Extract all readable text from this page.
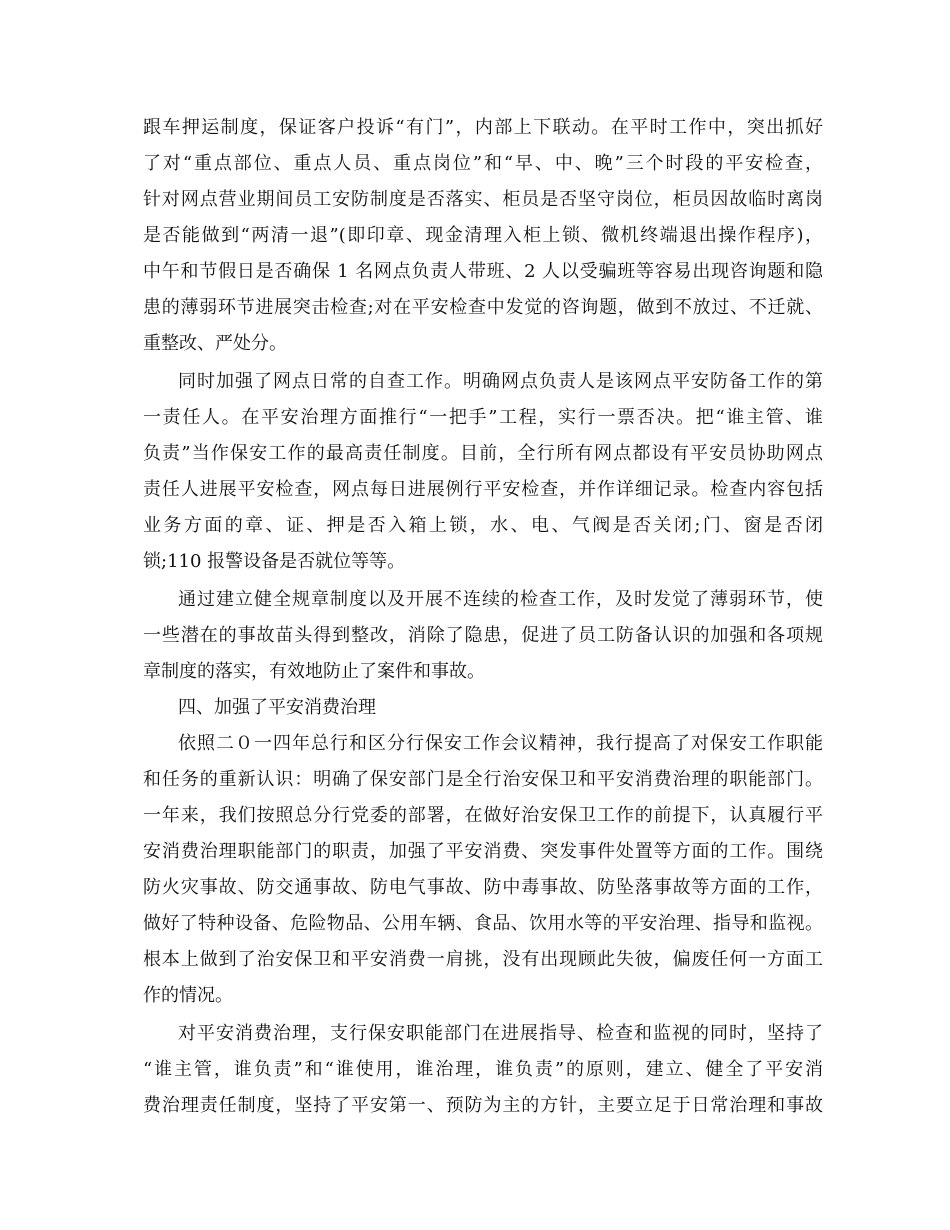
跟车押运制度，保证客户投诉“有门”，内部上下联动。在平时工作中，突出抓好
了对“重点部位、重点人员、重点岗位”和“早、中、晚”三个时段的平安检查，
针对网点营业期间员工安防制度是否落实、柜员是否坚守岗位，柜员因故临时离岗
是否能做到“两清一退”(即印章、现金清理入柜上锁、微机终端退出操作程序)，
中午和节假日是否确保 1 名网点负责人带班、2 人以受骗班等容易出现咨询题和隐
患的薄弱环节进展突击检查;对在平安检查中发觉的咨询题，做到不放过、不迁就、
重整改、严处分。
同时加强了网点日常的自查工作。明确网点负责人是该网点平安防备工作的第
一责任人。在平安治理方面推行“一把手”工程，实行一票否决。把“谁主管、谁
负责”当作保安工作的最高责任制度。目前，全行所有网点都设有平安员协助网点
责任人进展平安检查，网点每日进展例行平安检查，并作详细记录。检查内容包括
业务方面的章、证、押是否入箱上锁，水、电、气阀是否关闭;门、窗是否闭
锁;110 报警设备是否就位等等。
通过建立健全规章制度以及开展不连续的检查工作，及时发觉了薄弱环节，使
一些潜在的事故苗头得到整改，消除了隐患，促进了员工防备认识的加强和各项规
章制度的落实，有效地防止了案件和事故。
四、加强了平安消费治理
依照二０一四年总行和区分行保安工作会议精神，我行提高了对保安工作职能
和任务的重新认识：明确了保安部门是全行治安保卫和平安消费治理的职能部门。
一年来，我们按照总分行党委的部署，在做好治安保卫工作的前提下，认真履行平
安消费治理职能部门的职责，加强了平安消费、突发事件处置等方面的工作。围绕
防火灾事故、防交通事故、防电气事故、防中毒事故、防坠落事故等方面的工作，
做好了特种设备、危险物品、公用车辆、食品、饮用水等的平安治理、指导和监视。
根本上做到了治安保卫和平安消费一肩挑，没有出现顾此失彼，偏废任何一方面工
作的情况。
对平安消费治理，支行保安职能部门在进展指导、检查和监视的同时，坚持了
“谁主管，谁负责”和“谁使用，谁治理，谁负责”的原则，建立、健全了平安消
费治理责任制度，坚持了平安第一、预防为主的方针，主要立足于日常治理和事故
